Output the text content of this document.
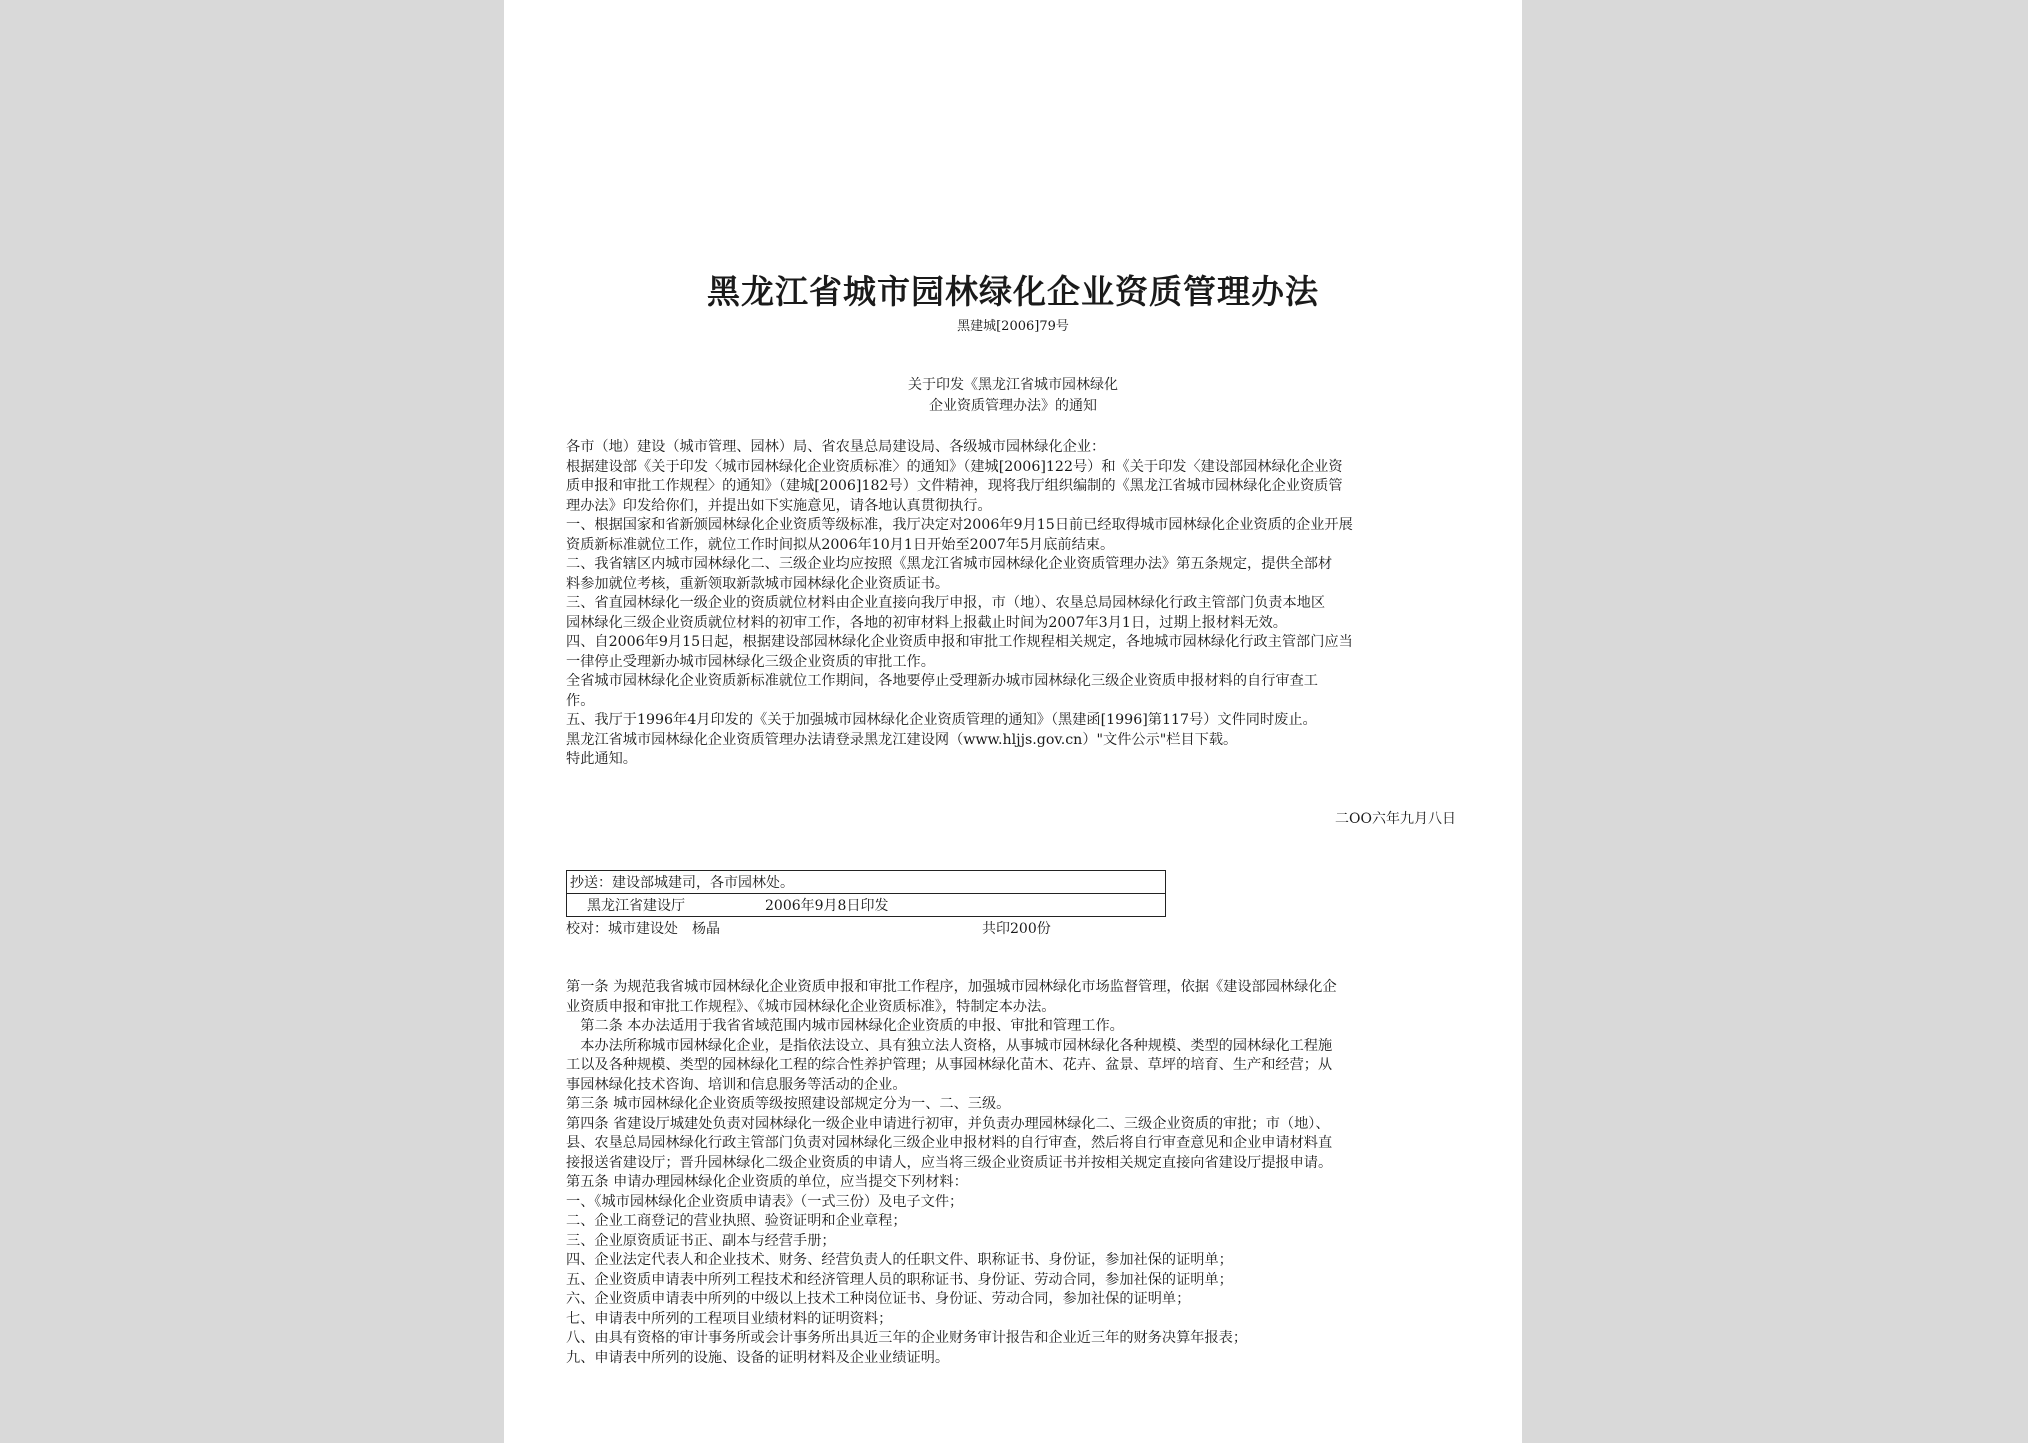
黑龙江省城市园林绿化企业资质管理办法
黑建城[2006]79号
关于印发《黑龙江省城市园林绿化
企业资质管理办法》的通知

各市（地）建设（城市管理、园林）局、省农垦总局建设局、各级城市园林绿化企业：

根据建设部《关于印发〈城市园林绿化企业资质标准〉的通知》（建城[2006]122号）和《关于印发〈建设部园林绿化企业资

质申报和审批工作规程〉的通知》（建城[2006]182号）文件精神，现将我厅组织编制的《黑龙江省城市园林绿化企业资质管

理办法》印发给你们，并提出如下实施意见，请各地认真贯彻执行。

一、根据国家和省新颁园林绿化企业资质等级标准，我厅决定对2006年9月15日前已经取得城市园林绿化企业资质的企业开展

资质新标准就位工作，就位工作时间拟从2006年10月1日开始至2007年5月底前结束。

二、我省辖区内城市园林绿化二、三级企业均应按照《黑龙江省城市园林绿化企业资质管理办法》第五条规定，提供全部材

料参加就位考核，重新领取新款城市园林绿化企业资质证书。

三、省直园林绿化一级企业的资质就位材料由企业直接向我厅申报，市（地）、农垦总局园林绿化行政主管部门负责本地区

园林绿化三级企业资质就位材料的初审工作，各地的初审材料上报截止时间为2007年3月1日，过期上报材料无效。

四、自2006年9月15日起，根据建设部园林绿化企业资质申报和审批工作规程相关规定，各地城市园林绿化行政主管部门应当

一律停止受理新办城市园林绿化三级企业资质的审批工作。

全省城市园林绿化企业资质新标准就位工作期间，各地要停止受理新办城市园林绿化三级企业资质申报材料的自行审查工

作。

五、我厅于1996年4月印发的《关于加强城市园林绿化企业资质管理的通知》（黑建函[1996]第117号）文件同时废止。

黑龙江省城市园林绿化企业资质管理办法请登录黑龙江建设网（www.hljjs.gov.cn）"文件公示"栏目下载。

特此通知。

二OO六年九月八日
抄送：建设部城建司，各市园林处。
黑龙江省建设厅	2006年9月8日印发
校对：城市建设处　杨晶	共印200份

第一条 为规范我省城市园林绿化企业资质申报和审批工作程序，加强城市园林绿化市场监督管理，依据《建设部园林绿化企

业资质申报和审批工作规程》、《城市园林绿化企业资质标准》，特制定本办法。

　第二条 本办法适用于我省省域范围内城市园林绿化企业资质的申报、审批和管理工作。

　本办法所称城市园林绿化企业，是指依法设立、具有独立法人资格，从事城市园林绿化各种规模、类型的园林绿化工程施

工以及各种规模、类型的园林绿化工程的综合性养护管理；从事园林绿化苗木、花卉、盆景、草坪的培育、生产和经营；从

事园林绿化技术咨询、培训和信息服务等活动的企业。

第三条 城市园林绿化企业资质等级按照建设部规定分为一、二、三级。

第四条 省建设厅城建处负责对园林绿化一级企业申请进行初审，并负责办理园林绿化二、三级企业资质的审批；市（地）、

县、农垦总局园林绿化行政主管部门负责对园林绿化三级企业申报材料的自行审查，然后将自行审查意见和企业申请材料直

接报送省建设厅；晋升园林绿化二级企业资质的申请人，应当将三级企业资质证书并按相关规定直接向省建设厅提报申请。

第五条 申请办理园林绿化企业资质的单位，应当提交下列材料：

一、《城市园林绿化企业资质申请表》（一式三份）及电子文件；

二、企业工商登记的营业执照、验资证明和企业章程；

三、企业原资质证书正、副本与经营手册；

四、企业法定代表人和企业技术、财务、经营负责人的任职文件、职称证书、身份证，参加社保的证明单；

五、企业资质申请表中所列工程技术和经济管理人员的职称证书、身份证、劳动合同，参加社保的证明单；

六、企业资质申请表中所列的中级以上技术工种岗位证书、身份证、劳动合同，参加社保的证明单；

七、申请表中所列的工程项目业绩材料的证明资料；

八、由具有资格的审计事务所或会计事务所出具近三年的企业财务审计报告和企业近三年的财务决算年报表；

九、申请表中所列的设施、设备的证明材料及企业业绩证明。
